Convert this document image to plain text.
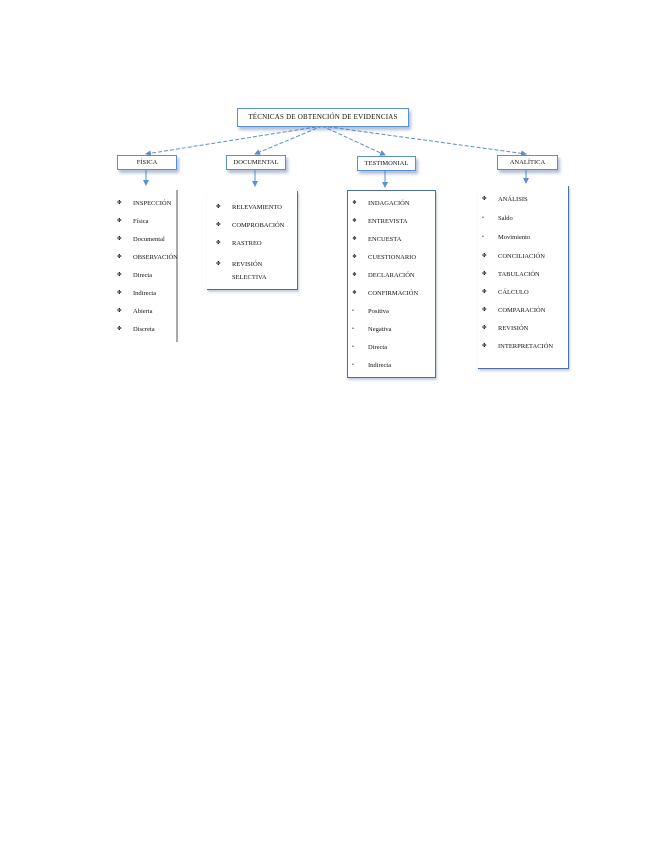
TÉCNICAS DE OBTENCIÓN DE EVIDENCIAS
FÍSICA	DOCUMENTAL	TESTIMONIAL	ANALÍTICA
✤ INSPECCIÓN
✤ Física
✤ Documental
✤ OBSERVACIÓN
✤ Directa
✤ Indirecta
✤ Abierta
✤ Discreta
✤ RELEVAMIENTO
✤ COMPROBACIÓN
✤ RASTREO
✤ REVISIÓN SELECTIVA
❖ INDAGACIÓN
❖ ENTREVISTA
❖ ENCUESTA
❖ CUESTIONARIO
❖ DECLARACIÓN
❖ CONFIRMACIÓN
• Positiva
• Negativa
• Directa
• Indirecta
✤ ANÁLISIS
• Saldo
• Movimiento
✤ CONCILIACIÓN
✤ TABULACIÓN
✤ CÁLCULO
✤ COMPARACIÓN
✤ REVISIÓN
✤ INTERPRETACIÓN
